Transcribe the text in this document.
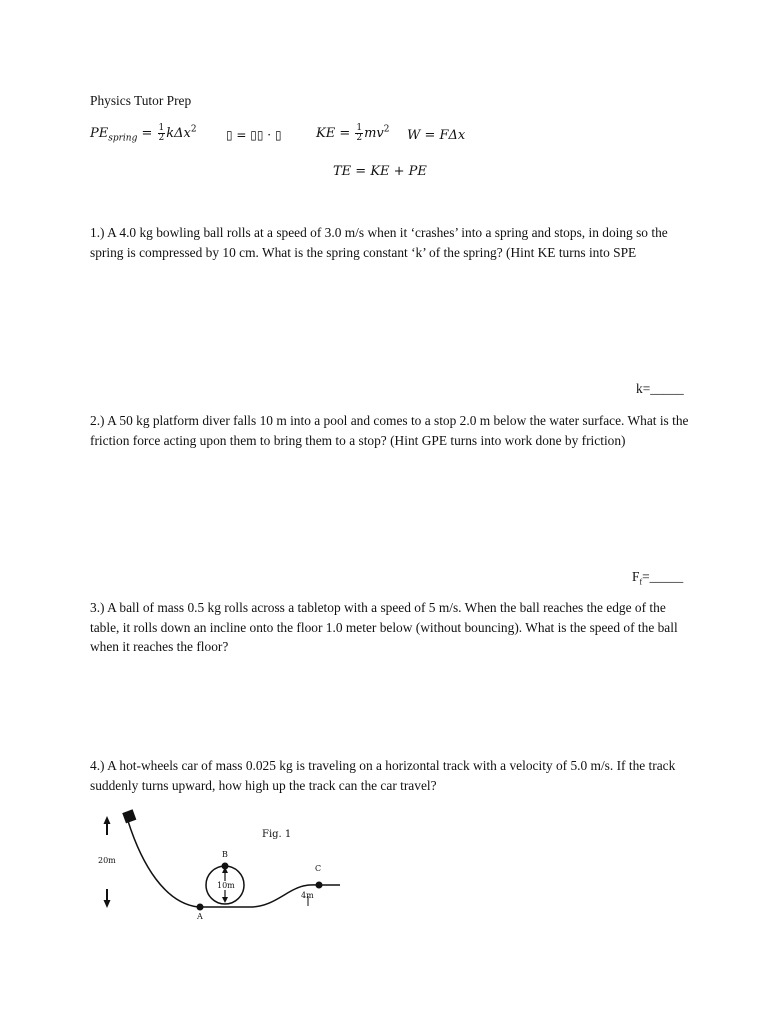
Physics Tutor Prep
$PE_{spring} = \frac{1}{2} k\Delta x^2$ ▯ = ▯▯ · ▯	KE = $\frac{1}{2} mv^2$ W = FΔx
TE = KE + PE
1.) A 4.0 kg bowling ball rolls at a speed of 3.0 m/s when it ‘crashes’ into a spring and stops, in doing so the spring is compressed by 10 cm. What is the spring constant ‘k’ of the spring? (Hint KE turns into SPE
k=_____
2.) A 50 kg platform diver falls 10 m into a pool and comes to a stop 2.0 m below the water surface. What is the friction force acting upon them to bring them to a stop? (Hint GPE turns into work done by friction)
$F_f=\_\_\_\_\_$
3.) A ball of mass 0.5 kg rolls across a tabletop with a speed of 5 m/s. When the ball reaches the edge of the table, it rolls down an incline onto the floor 1.0 meter below (without bouncing). What is the speed of the ball when it reaches the floor?
4.) A hot-wheels car of mass 0.025 kg is traveling on a horizontal track with a velocity of 5.0 m/s. If the track suddenly turns upward, how high up the track can the car travel?
Fig. 1
20m
10m
4m
A
B
C
